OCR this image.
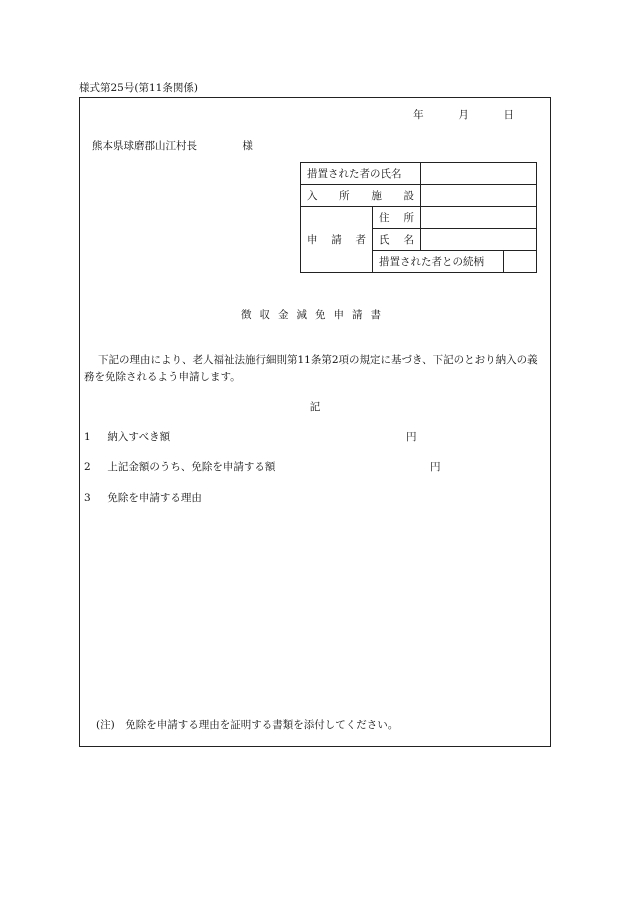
様式第25号(第11条関係)
年	月	日
熊本県球磨郡山江村長	様
措置された者の氏名			

入 所 施 設			

申 請 者	住 所		

	氏 名		

	措置された者との続柄		
徴収金減免申請書
下記の理由により、老人福祉法施行細則第11条第2項の規定に基づき、下記のとおり納入の義務を免除されるよう申請します。
記
1 納入すべき額	円
2 上記金額のうち、免除を申請する額	円
3 免除を申請する理由
(注)　免除を申請する理由を証明する書類を添付してください。
